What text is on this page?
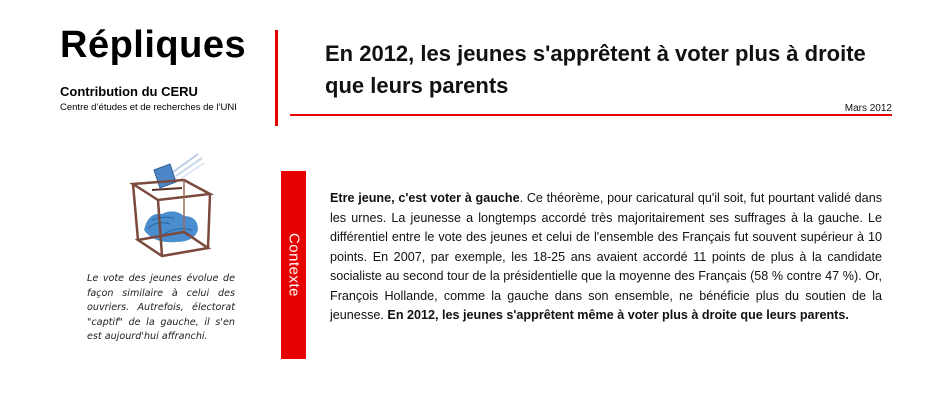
Répliques
Contribution du CERU
Centre d’études et de recherches de l’UNI
En 2012, les jeunes s'apprêtent à voter plus à droite que leurs parents
Mars 2012
Le vote des jeunes évolue de façon similaire à celui des ouvriers. Autrefois, électorat "captif" de la gauche, il s'en est aujourd'hui affranchi.
Contexte
Etre jeune, c'est voter à gauche. Ce théorème, pour caricatural qu'il soit, fut pourtant validé dans les urnes. La jeunesse a longtemps accordé très majoritairement ses suffrages à la gauche. Le différentiel entre le vote des jeunes et celui de l'ensemble des Français fut souvent supérieur à 10 points. En 2007, par exemple, les 18-25 ans avaient accordé 11 points de plus à la candidate socialiste au second tour de la présidentielle que la moyenne des Français (58 % contre 47 %). Or, François Hollande, comme la gauche dans son ensemble, ne bénéficie plus du soutien de la jeunesse. En 2012, les jeunes s'apprêtent même à voter plus à droite que leurs parents.
